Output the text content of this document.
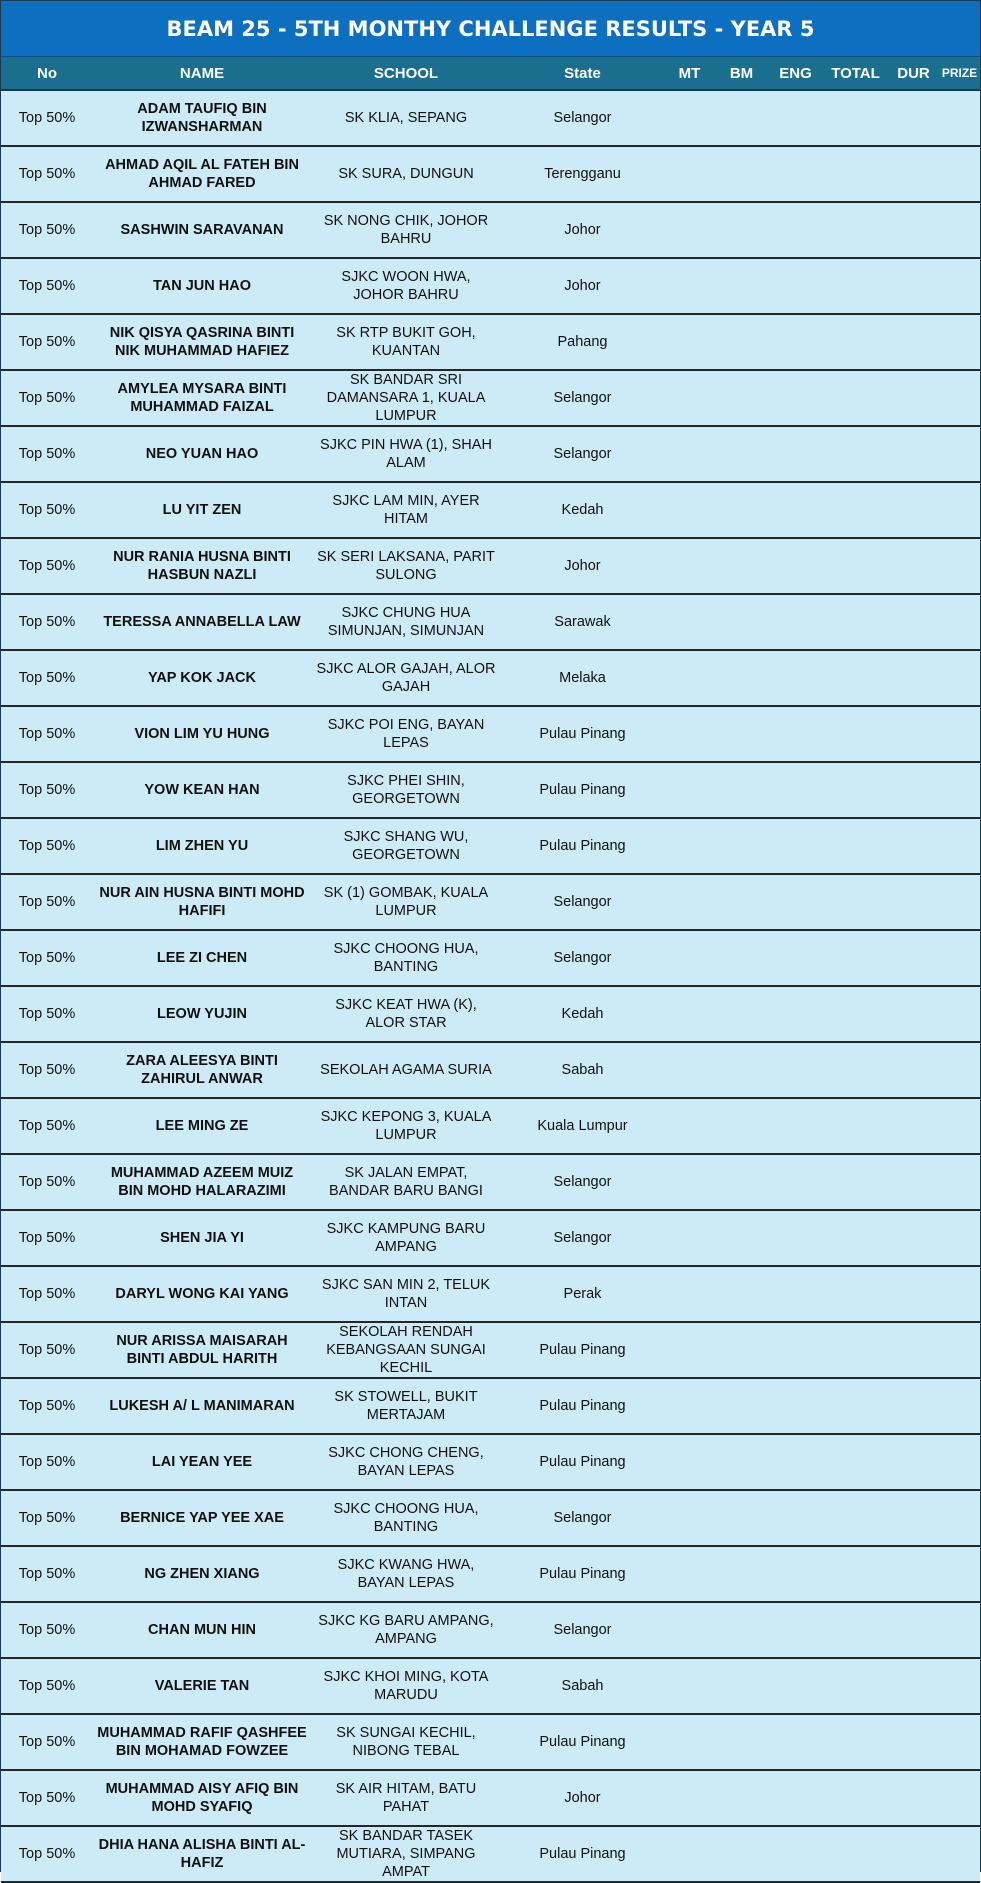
BEAM 25 - 5TH MONTHY CHALLENGE RESULTS - YEAR 5
No	NAME	SCHOOL	State	MT	BM	ENG	TOTAL	DUR	PRIZE
Top 50%	ADAM TAUFIQ BIN IZWANSHARMAN	SK KLIA, SEPANG	Selangor						
Top 50%	AHMAD AQIL AL FATEH BIN AHMAD FARED	SK SURA, DUNGUN	Terengganu						
Top 50%	SASHWIN SARAVANAN	SK NONG CHIK, JOHOR BAHRU	Johor						
Top 50%	TAN JUN HAO	SJKC WOON HWA, JOHOR BAHRU	Johor						
Top 50%	NIK QISYA QASRINA BINTI NIK MUHAMMAD HAFIEZ	SK RTP BUKIT GOH, KUANTAN	Pahang						
Top 50%	AMYLEA MYSARA BINTI MUHAMMAD FAIZAL	SK BANDAR SRI DAMANSARA 1, KUALA LUMPUR	Selangor						
Top 50%	NEO YUAN HAO	SJKC PIN HWA (1), SHAH ALAM	Selangor						
Top 50%	LU YIT ZEN	SJKC LAM MIN, AYER HITAM	Kedah						
Top 50%	NUR RANIA HUSNA BINTI HASBUN NAZLI	SK SERI LAKSANA, PARIT SULONG	Johor						
Top 50%	TERESSA ANNABELLA LAW	SJKC CHUNG HUA SIMUNJAN, SIMUNJAN	Sarawak						
Top 50%	YAP KOK JACK	SJKC ALOR GAJAH, ALOR GAJAH	Melaka						
Top 50%	VION LIM YU HUNG	SJKC POI ENG, BAYAN LEPAS	Pulau Pinang						
Top 50%	YOW KEAN HAN	SJKC PHEI SHIN, GEORGETOWN	Pulau Pinang						
Top 50%	LIM ZHEN YU	SJKC SHANG WU, GEORGETOWN	Pulau Pinang						
Top 50%	NUR AIN HUSNA BINTI MOHD HAFIFI	SK (1) GOMBAK, KUALA LUMPUR	Selangor						
Top 50%	LEE ZI CHEN	SJKC CHOONG HUA, BANTING	Selangor						
Top 50%	LEOW YUJIN	SJKC KEAT HWA (K), ALOR STAR	Kedah						
Top 50%	ZARA ALEESYA BINTI ZAHIRUL ANWAR	SEKOLAH AGAMA SURIA	Sabah						
Top 50%	LEE MING ZE	SJKC KEPONG 3, KUALA LUMPUR	Kuala Lumpur						
Top 50%	MUHAMMAD AZEEM MUIZ BIN MOHD HALARAZIMI	SK JALAN EMPAT, BANDAR BARU BANGI	Selangor						
Top 50%	SHEN JIA YI	SJKC KAMPUNG BARU AMPANG	Selangor						
Top 50%	DARYL WONG KAI YANG	SJKC SAN MIN 2, TELUK INTAN	Perak						
Top 50%	NUR ARISSA MAISARAH BINTI ABDUL HARITH	SEKOLAH RENDAH KEBANGSAAN SUNGAI KECHIL	Pulau Pinang						
Top 50%	LUKESH A/ L MANIMARAN	SK STOWELL, BUKIT MERTAJAM	Pulau Pinang						
Top 50%	LAI YEAN YEE	SJKC CHONG CHENG, BAYAN LEPAS	Pulau Pinang						
Top 50%	BERNICE YAP YEE XAE	SJKC CHOONG HUA, BANTING	Selangor						
Top 50%	NG ZHEN XIANG	SJKC KWANG HWA, BAYAN LEPAS	Pulau Pinang						
Top 50%	CHAN MUN HIN	SJKC KG BARU AMPANG, AMPANG	Selangor						
Top 50%	VALERIE TAN	SJKC KHOI MING, KOTA MARUDU	Sabah						
Top 50%	MUHAMMAD RAFIF QASHFEE BIN MOHAMAD FOWZEE	SK SUNGAI KECHIL, NIBONG TEBAL	Pulau Pinang						
Top 50%	MUHAMMAD AISY AFIQ BIN MOHD SYAFIQ	SK AIR HITAM, BATU PAHAT	Johor						
Top 50%	DHIA HANA ALISHA BINTI AL-HAFIZ	SK BANDAR TASEK MUTIARA, SIMPANG AMPAT	Pulau Pinang						
